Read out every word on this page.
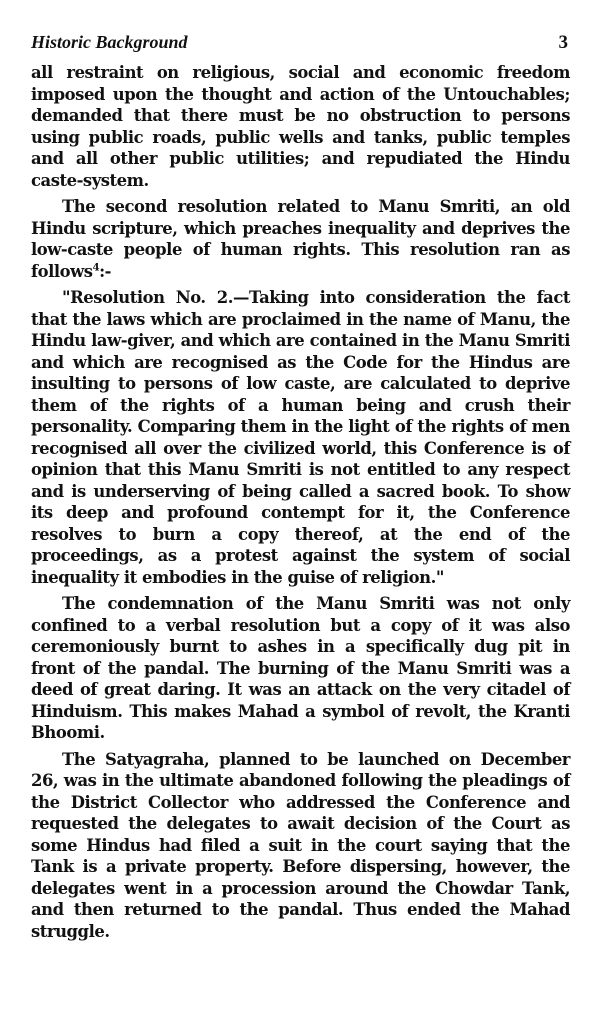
Historic Background	3

all restraint on religious, social and economic freedom imposed upon the thought and action of the Untouchables; demanded that there must be no obstruction to persons using public roads, public wells and tanks, public temples and all other public utilities; and repudiated the Hindu caste-system.

The second resolution related to Manu Smriti, an old Hindu scripture, which preaches inequality and deprives the low-caste people of human rights. This resolution ran as follows$^4$:-

"Resolution No. 2.—Taking into consideration the fact that the laws which are proclaimed in the name of Manu, the Hindu law-giver, and which are contained in the Manu Smriti and which are recognised as the Code for the Hindus are insulting to persons of low caste, are calculated to deprive them of the rights of a human being and crush their personality. Comparing them in the light of the rights of men recognised all over the civilized world, this Conference is of opinion that this Manu Smriti is not entitled to any respect and is underserving of being called a sacred book. To show its deep and profound contempt for it, the Conference resolves to burn a copy thereof, at the end of the proceedings, as a protest against the system of social inequality it embodies in the guise of religion."

The condemnation of the Manu Smriti was not only confined to a verbal resolution but a copy of it was also ceremoniously burnt to ashes in a specifically dug pit in front of the pandal. The burning of the Manu Smriti was a deed of great daring. It was an attack on the very citadel of Hinduism. This makes Mahad a symbol of revolt, the Kranti Bhoomi.

The Satyagraha, planned to be launched on December 26, was in the ultimate abandoned following the pleadings of the District Collector who addressed the Conference and requested the delegates to await decision of the Court as some Hindus had filed a suit in the court saying that the Tank is a private property. Before dispersing, however, the delegates went in a procession around the Chowdar Tank, and then returned to the pandal. Thus ended the Mahad struggle.
